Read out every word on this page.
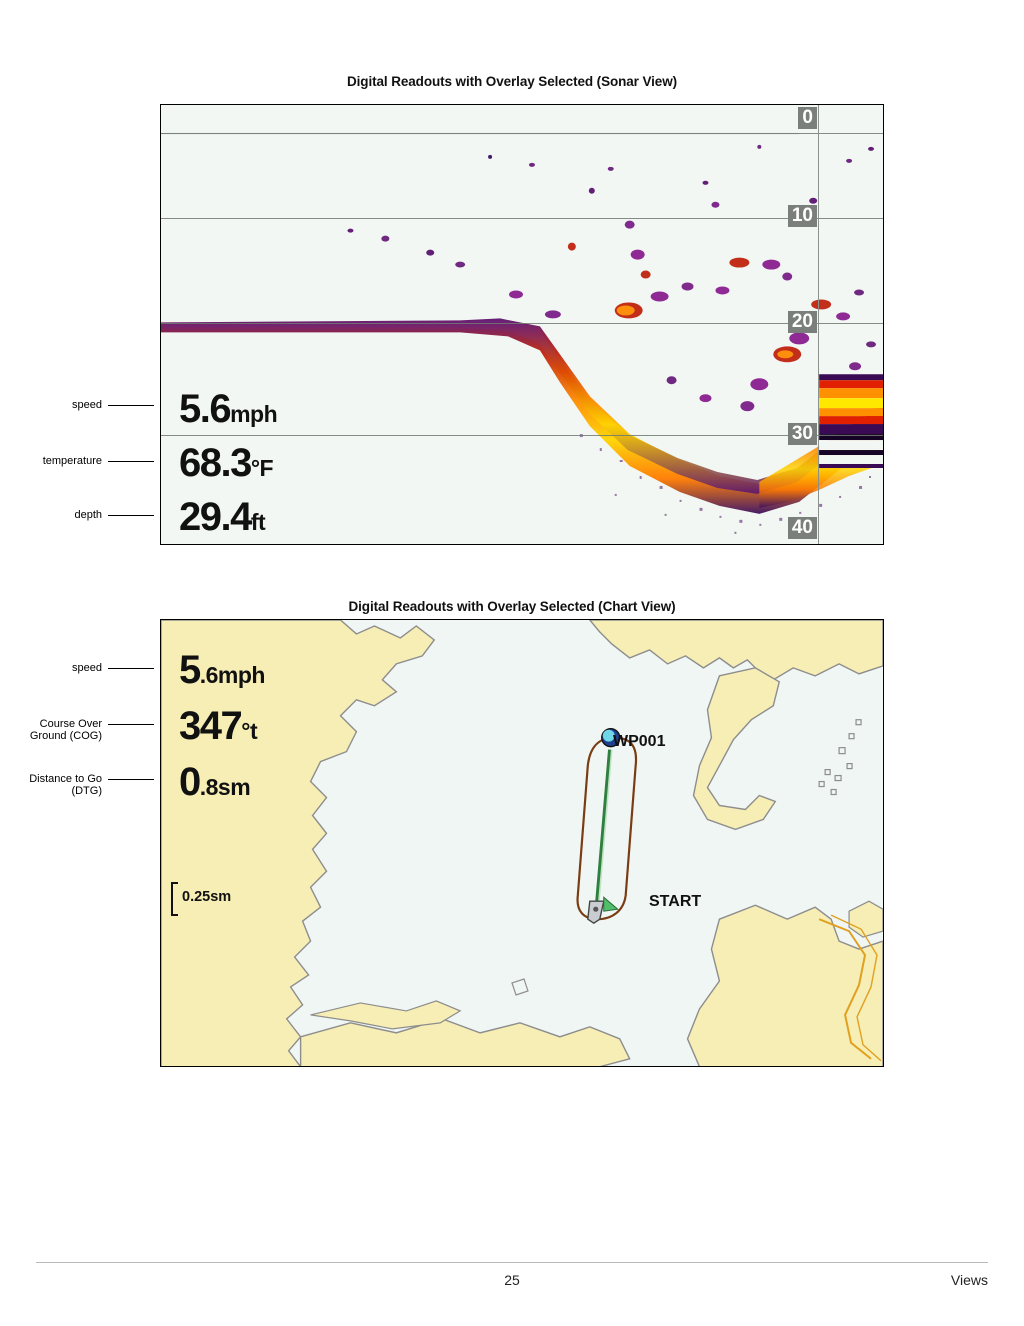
Digital Readouts with Overlay Selected (Sonar View)
0
10
20
30
40
5.6mph
68.3°F
29.4ft
speed
temperature
depth
Digital Readouts with Overlay Selected (Chart View)
5.6mph
347°t
0.8sm
WP001
START
0.25sm
speed
Course Over Ground (COG)
Distance to Go (DTG)
25	Views
